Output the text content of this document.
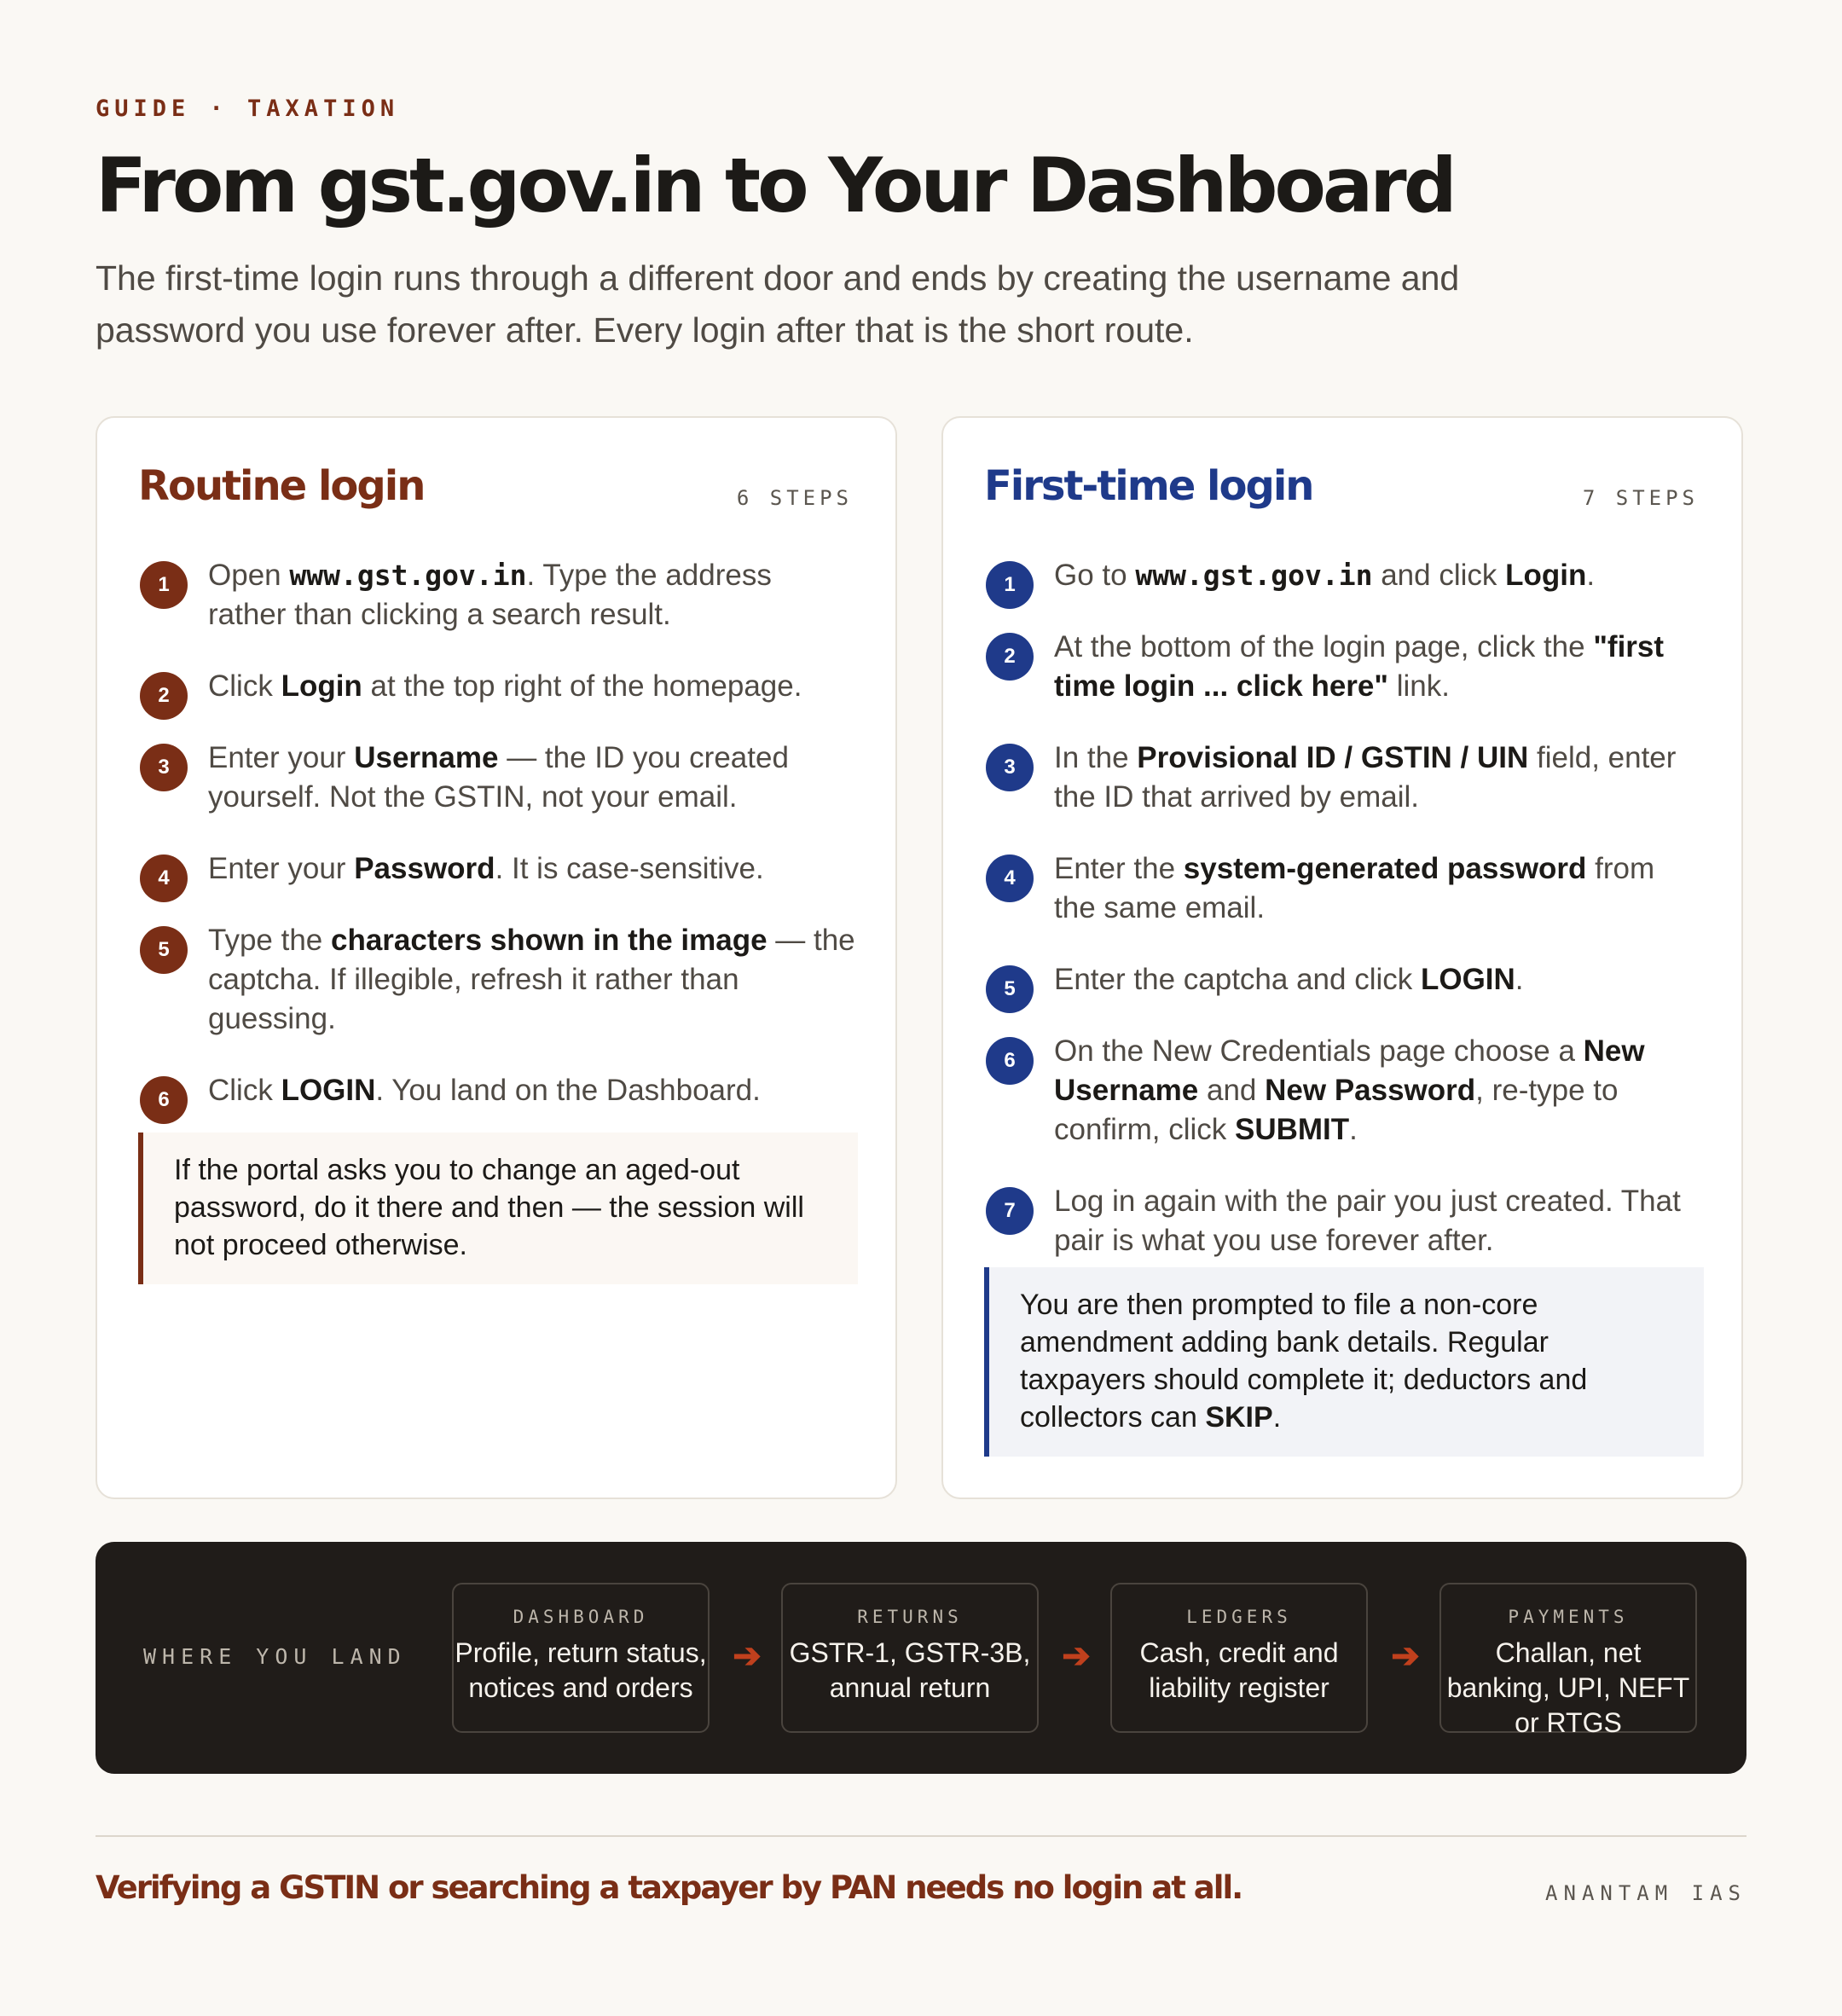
GUIDE · TAXATION
From gst.gov.in to Your Dashboard
The first-time login runs through a different door and ends by creating the username and password you use forever after. Every login after that is the short route.
Routine login	6 STEPS
1	Open www.gst.gov.in. Type the address rather than clicking a search result.
2	Click Login at the top right of the homepage.
3	Enter your Username — the ID you created yourself. Not the GSTIN, not your email.
4	Enter your Password. It is case-sensitive.
5	Type the characters shown in the image — the captcha. If illegible, refresh it rather than guessing.
6	Click LOGIN. You land on the Dashboard.
If the portal asks you to change an aged-out password, do it there and then — the session will not proceed otherwise.
First-time login	7 STEPS
1	Go to www.gst.gov.in and click Login.
2	At the bottom of the login page, click the "first time login ... click here" link.
3	In the Provisional ID / GSTIN / UIN field, enter the ID that arrived by email.
4	Enter the system-generated password from the same email.
5	Enter the captcha and click LOGIN.
6	On the New Credentials page choose a New Username and New Password, re-type to confirm, click SUBMIT.
7	Log in again with the pair you just created. That pair is what you use forever after.
You are then prompted to file a non-core amendment adding bank details. Regular taxpayers should complete it; deductors and collectors can SKIP.
WHERE YOU LAND
DASHBOARD
Profile, return status, notices and orders
➔
RETURNS
GSTR-1, GSTR-3B, annual return
➔
LEDGERS
Cash, credit and liability register
➔
PAYMENTS
Challan, net banking, UPI, NEFT or RTGS
Verifying a GSTIN or searching a taxpayer by PAN needs no login at all.	ANANTAM IAS
